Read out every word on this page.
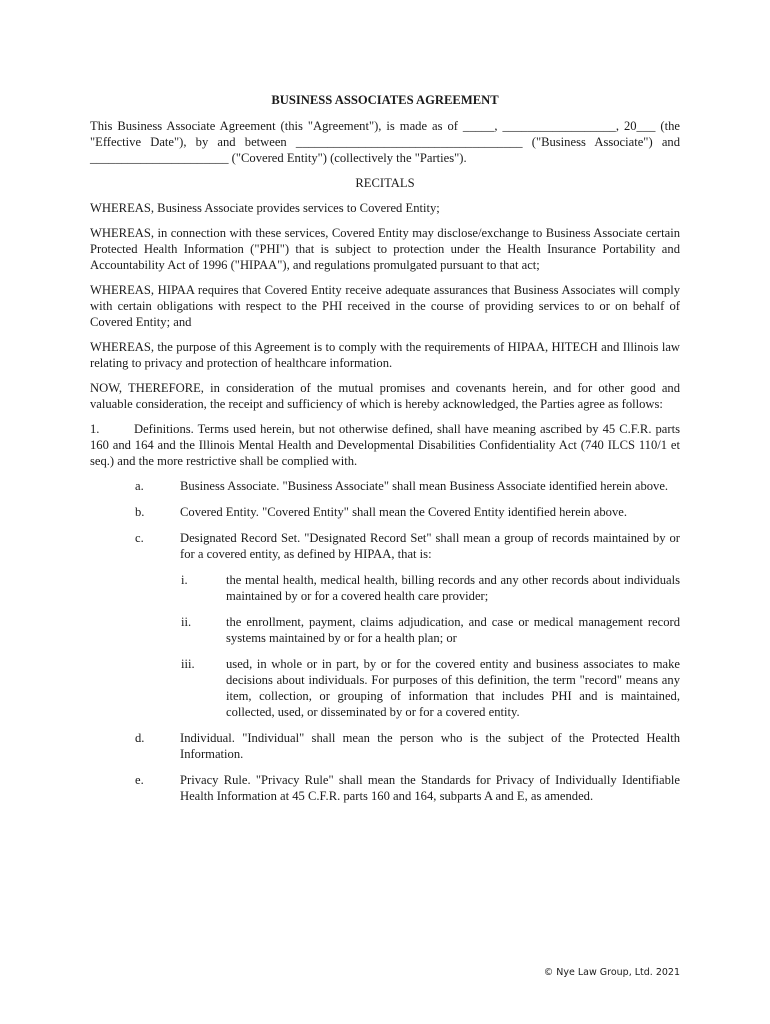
BUSINESS ASSOCIATES AGREEMENT

This Business Associate Agreement (this "Agreement"), is made as of _____, __________________, 20___ (the "Effective Date"), by and between ____________________________________ ("Business Associate") and ______________________ ("Covered Entity") (collectively the "Parties").

RECITALS

WHEREAS, Business Associate provides services to Covered Entity;

WHEREAS, in connection with these services, Covered Entity may disclose/exchange to Business Associate certain Protected Health Information ("PHI") that is subject to protection under the Health Insurance Portability and Accountability Act of 1996 ("HIPAA"), and regulations promulgated pursuant to that act;

WHEREAS, HIPAA requires that Covered Entity receive adequate assurances that Business Associates will comply with certain obligations with respect to the PHI received in the course of providing services to or on behalf of Covered Entity; and

WHEREAS, the purpose of this Agreement is to comply with the requirements of HIPAA, HITECH and Illinois law relating to privacy and protection of healthcare information.

NOW, THEREFORE, in consideration of the mutual promises and covenants herein, and for other good and valuable consideration, the receipt and sufficiency of which is hereby acknowledged, the Parties agree as follows:

1.	Definitions. Terms used herein, but not otherwise defined, shall have meaning ascribed by 45 C.F.R. parts 160 and 164 and the Illinois Mental Health and Developmental Disabilities Confidentiality Act (740 ILCS 110/1 et seq.) and the more restrictive shall be complied with.
a.	Business Associate. "Business Associate" shall mean Business Associate identified herein above.
b.	Covered Entity. "Covered Entity" shall mean the Covered Entity identified herein above.
c.	Designated Record Set. "Designated Record Set" shall mean a group of records maintained by or for a covered entity, as defined by HIPAA, that is:
i.	the mental health, medical health, billing records and any other records about individuals maintained by or for a covered health care provider;
ii.	the enrollment, payment, claims adjudication, and case or medical management record systems maintained by or for a health plan; or
iii.	used, in whole or in part, by or for the covered entity and business associates to make decisions about individuals. For purposes of this definition, the term "record" means any item, collection, or grouping of information that includes PHI and is maintained, collected, used, or disseminated by or for a covered entity.
d.	Individual. "Individual" shall mean the person who is the subject of the Protected Health Information.
e.	Privacy Rule. "Privacy Rule" shall mean the Standards for Privacy of Individually Identifiable Health Information at 45 C.F.R. parts 160 and 164, subparts A and E, as amended.
© Nye Law Group, Ltd. 2021
